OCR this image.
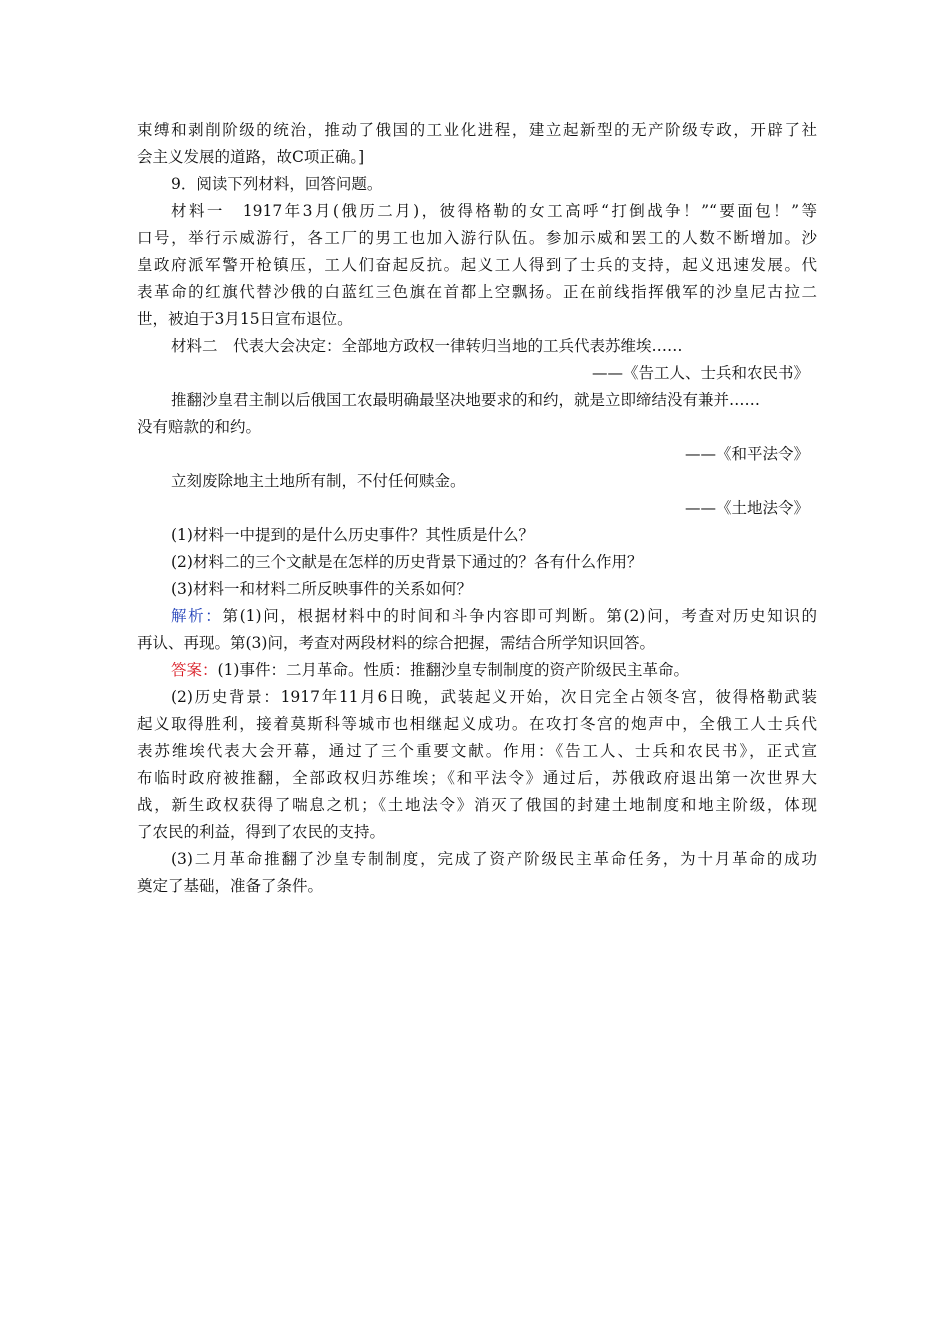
束缚和剥削阶级的统治，推动了俄国的工业化进程，建立起新型的无产阶级专政，开辟了社
会主义发展的道路，故C项正确。]
9．阅读下列材料，回答问题。
材料一　1917年3月(俄历二月)，彼得格勒的女工高呼“打倒战争！”“要面包！”等
口号，举行示威游行，各工厂的男工也加入游行队伍。参加示威和罢工的人数不断增加。沙
皇政府派军警开枪镇压，工人们奋起反抗。起义工人得到了士兵的支持，起义迅速发展。代
表革命的红旗代替沙俄的白蓝红三色旗在首都上空飘扬。正在前线指挥俄军的沙皇尼古拉二
世，被迫于3月15日宣布退位。
材料二　代表大会决定：全部地方政权一律转归当地的工兵代表苏维埃……
——《告工人、士兵和农民书》
推翻沙皇君主制以后俄国工农最明确最坚决地要求的和约，就是立即缔结没有兼并……
没有赔款的和约。
——《和平法令》
立刻废除地主土地所有制，不付任何赎金。
——《土地法令》
(1)材料一中提到的是什么历史事件？其性质是什么？
(2)材料二的三个文献是在怎样的历史背景下通过的？各有什么作用？
(3)材料一和材料二所反映事件的关系如何？
解析：第(1)问，根据材料中的时间和斗争内容即可判断。第(2)问，考查对历史知识的
再认、再现。第(3)问，考查对两段材料的综合把握，需结合所学知识回答。
答案：(1)事件：二月革命。性质：推翻沙皇专制制度的资产阶级民主革命。
(2)历史背景：1917年11月6日晚，武装起义开始，次日完全占领冬宫，彼得格勒武装
起义取得胜利，接着莫斯科等城市也相继起义成功。在攻打冬宫的炮声中，全俄工人士兵代
表苏维埃代表大会开幕，通过了三个重要文献。作用：《告工人、士兵和农民书》，正式宣
布临时政府被推翻，全部政权归苏维埃；《和平法令》通过后，苏俄政府退出第一次世界大
战，新生政权获得了喘息之机；《土地法令》消灭了俄国的封建土地制度和地主阶级，体现
了农民的利益，得到了农民的支持。
(3)二月革命推翻了沙皇专制制度，完成了资产阶级民主革命任务，为十月革命的成功
奠定了基础，准备了条件。
